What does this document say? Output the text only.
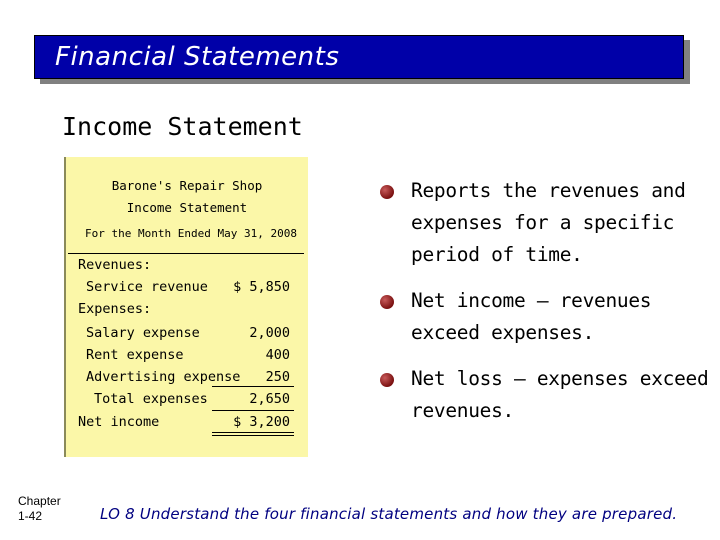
Financial Statements
Income Statement
Barone's Repair Shop
Income Statement
For the Month Ended May 31, 2008
Revenues:
Service revenue $ 5,850
Expenses:
Salary expense	2,000
Rent expense	400
Advertising expense 250
Total expenses	2,650
Net income	$ 3,200
Reports the revenues and expenses for a specific period of time.
Net income – revenues exceed expenses.
Net loss – expenses exceed revenues.
Chapter
1-42	LO 8 Understand the four financial statements and how they are prepared.
